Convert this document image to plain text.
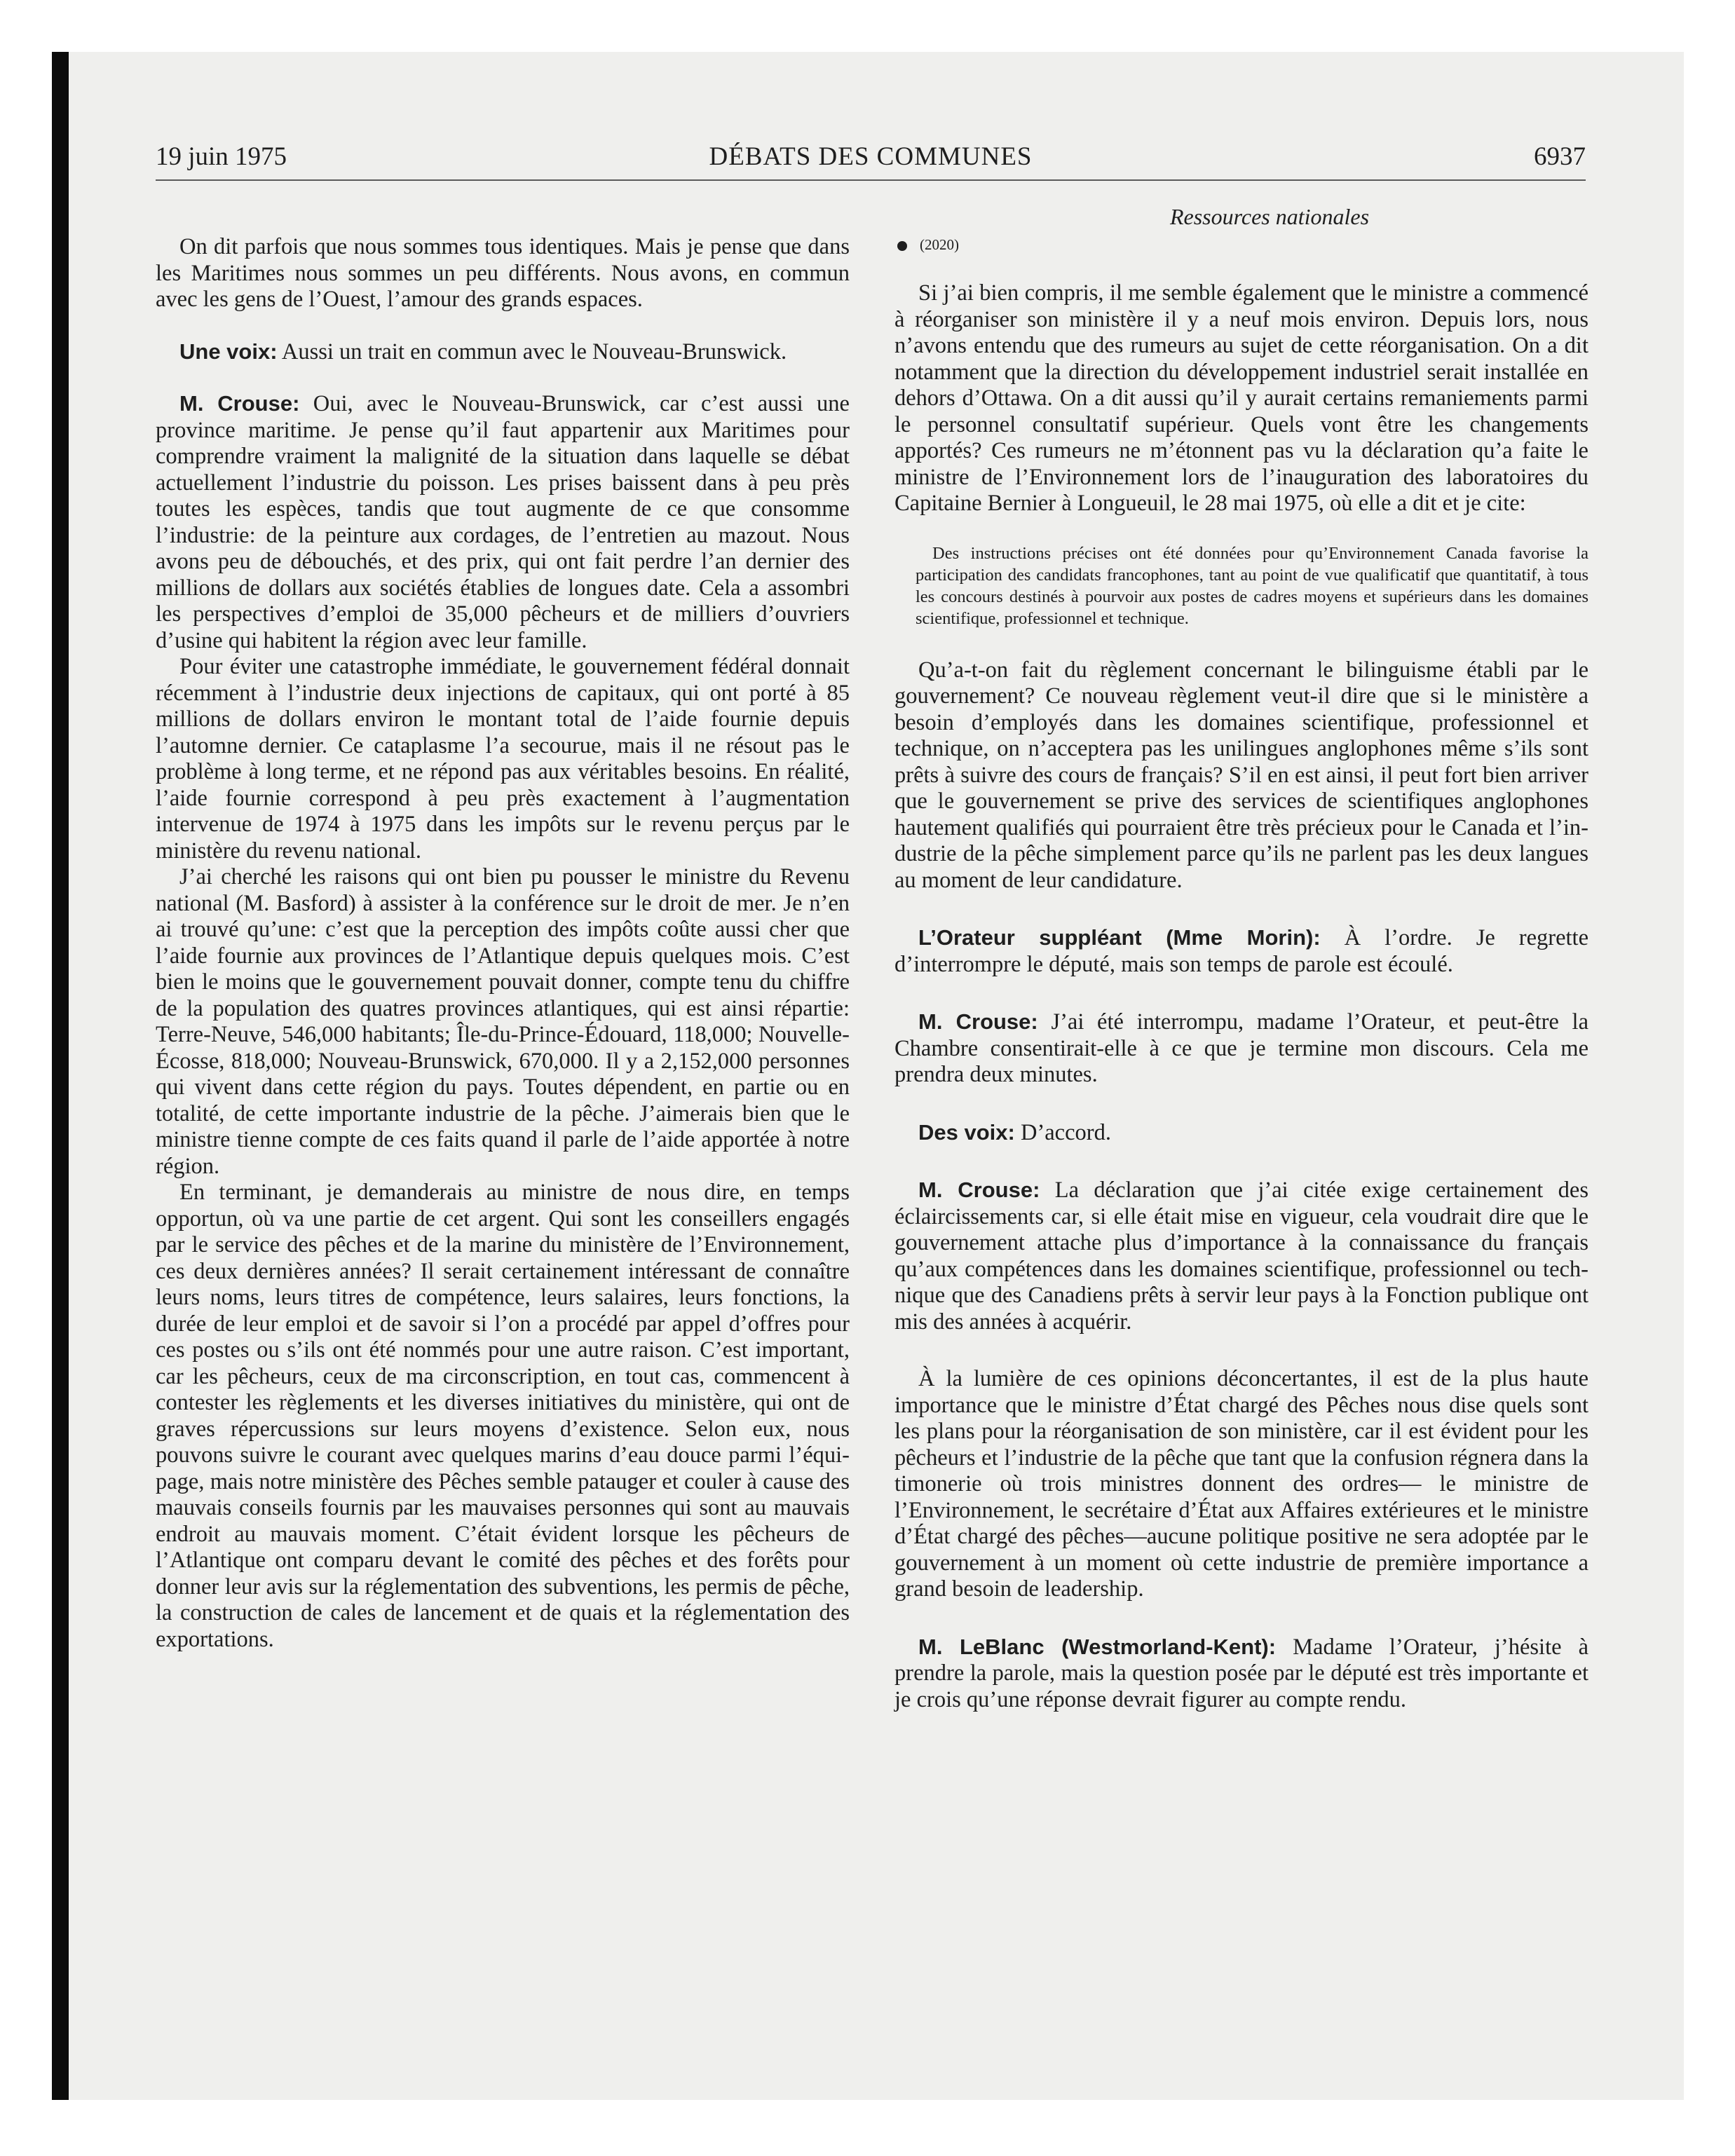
19 juin 1975	DÉBATS DES COMMUNES	6937

On dit parfois que nous sommes tous identiques. Mais je pense que dans les Maritimes nous sommes un peu différents. Nous avons, en commun avec les gens de l’Ouest, l’amour des grands espaces.

Une voix: Aussi un trait en commun avec le Nouveau-Brunswick.

M. Crouse: Oui, avec le Nouveau-Brunswick, car c’est aussi une province maritime. Je pense qu’il faut appartenir aux Maritimes pour comprendre vraiment la malignité de la situation dans laquelle se débat actuellement l’industrie du poisson. Les prises baissent dans à peu près toutes les espèces, tandis que tout augmente de ce que consomme l’industrie: de la peinture aux cordages, de l’entretien au mazout. Nous avons peu de débouchés, et des prix, qui ont fait perdre l’an dernier des millions de dollars aux sociétés établies de longues date. Cela a assombri les perspectives d’emploi de 35,000 pêcheurs et de milliers d’ouvriers d’usine qui habitent la région avec leur famille.

Pour éviter une catastrophe immédiate, le gouvernement fédéral donnait récemment à l’industrie deux injections de capitaux, qui ont porté à 85 millions de dollars environ le montant total de l’aide fournie depuis l’automne dernier. Ce cataplasme l’a secourue, mais il ne résout pas le problème à long terme, et ne répond pas aux véritables besoins. En réalité, l’aide fournie correspond à peu près exactement à l’augmentation intervenue de 1974 à 1975 dans les impôts sur le revenu perçus par le ministère du revenu national.

J’ai cherché les raisons qui ont bien pu pousser le ministre du Revenu national (M. Basford) à assister à la conférence sur le droit de mer. Je n’en ai trouvé qu’une: c’est que la perception des impôts coûte aussi cher que l’aide fournie aux provinces de l’Atlantique depuis quelques mois. C’est bien le moins que le gouvernement pouvait donner, compte tenu du chiffre de la population des quatres provinces atlantiques, qui est ainsi répartie: Terre-Neuve, 546,000 habitants; Île-du-Prince-Édouard, 118,000; Nouvelle-Écosse, 818,000; Nouveau-Brunswick, 670,000. Il y a 2,152,000 personnes qui vivent dans cette région du pays. Toutes dépendent, en partie ou en totalité, de cette importante industrie de la pêche. J’aimerais bien que le ministre tienne compte de ces faits quand il parle de l’aide apportée à notre région.

En terminant, je demanderais au ministre de nous dire, en temps opportun, où va une partie de cet argent. Qui sont les conseillers engagés par le service des pêches et de la marine du ministère de l’Environnement, ces deux dernières années? Il serait certainement intéressant de connaître leurs noms, leurs titres de compétence, leurs salaires, leurs fonctions, la durée de leur emploi et de savoir si l’on a procédé par appel d’offres pour ces postes ou s’ils ont été nommés pour une autre raison. C’est important, car les pêcheurs, ceux de ma circonscription, en tout cas, commencent à contester les règlements et les diverses initiatives du ministère, qui ont de graves répercussions sur leurs moyens d’existence. Selon eux, nous pouvons suivre le courant avec quelques marins d’eau douce parmi l’équipage, mais notre ministère des Pêches semble patauger et couler à cause des mauvais conseils fournis par les mauvaises personnes qui sont au mauvais endroit au mauvais moment. C’était évident lorsque les pêcheurs de l’Atlantique ont comparu devant le comité des pêches et des forêts pour donner leur avis sur la réglementation des subventions, les permis de pêche, la construction de cales de lancement et de quais et la réglementation des exportations.

Ressources nationales
(2020)

Si j’ai bien compris, il me semble également que le ministre a commencé à réorganiser son ministère il y a neuf mois environ. Depuis lors, nous n’avons entendu que des rumeurs au sujet de cette réorganisation. On a dit notamment que la direction du développement industriel serait installée en dehors d’Ottawa. On a dit aussi qu’il y aurait certains remaniements parmi le personnel consultatif supérieur. Quels vont être les changements apportés? Ces rumeurs ne m’étonnent pas vu la déclaration qu’a faite le ministre de l’Environnement lors de l’inauguration des laboratoires du Capitaine Bernier à Longueuil, le 28 mai 1975, où elle a dit et je cite:

Des instructions précises ont été données pour qu’Environnement Canada favorise la participation des candidats francophones, tant au point de vue qualificatif que quantitatif, à tous les concours destinés à pourvoir aux postes de cadres moyens et supérieurs dans les domaines scientifique, professionnel et technique.

Qu’a-t-on fait du règlement concernant le bilinguisme établi par le gouvernement? Ce nouveau règlement veut-il dire que si le ministère a besoin d’employés dans les domaines scientifique, professionnel et technique, on n’acceptera pas les unilingues anglophones même s’ils sont prêts à suivre des cours de français? S’il en est ainsi, il peut fort bien arriver que le gouvernement se prive des services de scientifiques anglophones hautement qualifiés qui pourraient être très précieux pour le Canada et l’industrie de la pêche simplement parce qu’ils ne parlent pas les deux langues au moment de leur candidature.

L’Orateur suppléant (Mme Morin): À l’ordre. Je regrette d’interrompre le député, mais son temps de parole est écoulé.

M. Crouse: J’ai été interrompu, madame l’Orateur, et peut-être la Chambre consentirait-elle à ce que je termine mon discours. Cela me prendra deux minutes.

Des voix: D’accord.

M. Crouse: La déclaration que j’ai citée exige certainement des éclaircissements car, si elle était mise en vigueur, cela voudrait dire que le gouvernement attache plus d’importance à la connaissance du français qu’aux compétences dans les domaines scientifique, professionnel ou technique que des Canadiens prêts à servir leur pays à la Fonction publique ont mis des années à acquérir.

À la lumière de ces opinions déconcertantes, il est de la plus haute importance que le ministre d’État chargé des Pêches nous dise quels sont les plans pour la réorganisation de son ministère, car il est évident pour les pêcheurs et l’industrie de la pêche que tant que la confusion régnera dans la timonerie où trois ministres donnent des ordres— le ministre de l’Environnement, le secrétaire d’État aux Affaires extérieures et le ministre d’État chargé des pêches—aucune politique positive ne sera adoptée par le gouvernement à un moment où cette industrie de première importance a grand besoin de leadership.

M. LeBlanc (Westmorland-Kent): Madame l’Orateur, j’hésite à prendre la parole, mais la question posée par le député est très importante et je crois qu’une réponse devrait figurer au compte rendu.
